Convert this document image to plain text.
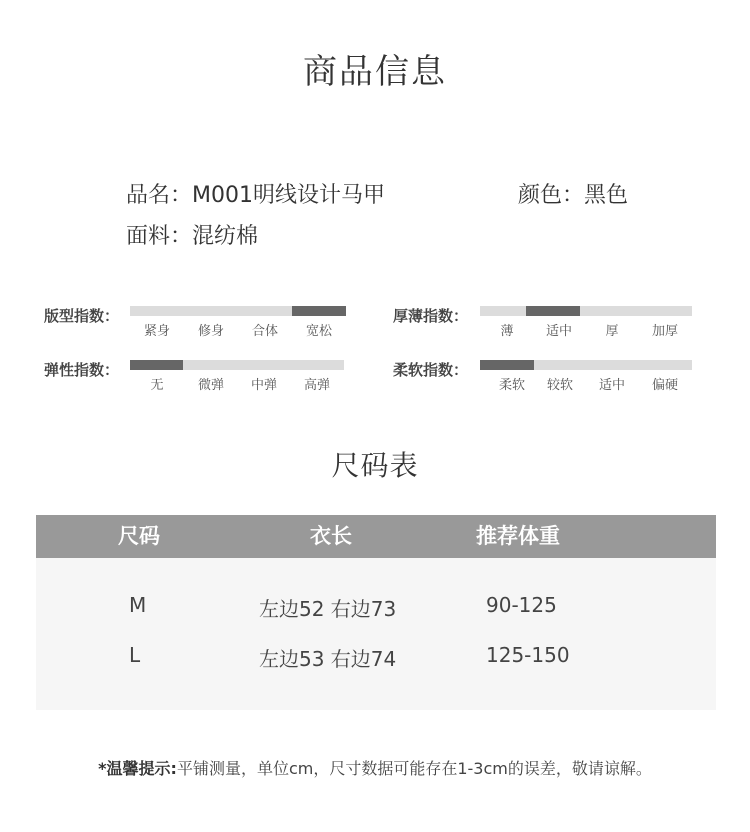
商品信息
品名：M001明线设计马甲	颜色：黑色
面料：混纺棉
版型指数：
紧身	修身	合体	宽松
厚薄指数：
薄	适中	厚	加厚
弹性指数：
无	微弹	中弹	高弹
柔软指数：
柔软	较软	适中	偏硬
尺码表
尺码	衣长	推荐体重
M	左边52 右边73	90-125
L	左边53 右边74	125-150
*温馨提示:平铺测量，单位cm，尺寸数据可能存在1-3cm的误差，敬请谅解。
